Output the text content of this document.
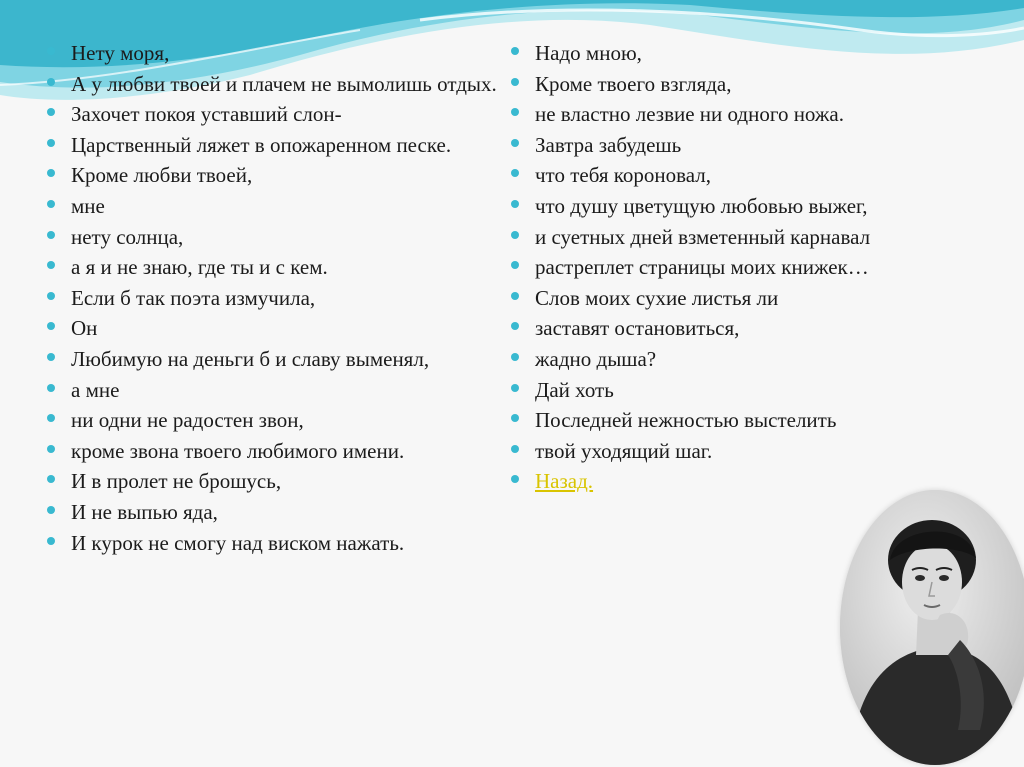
Нету моря,
А у любви твоей и плачем не вымолишь отдых.
Захочет покоя уставший слон-
Царственный ляжет в опожаренном песке.
Кроме любви твоей,
мне
нету солнца,
а я и не знаю, где ты и с кем.
Если б так поэта измучила,
Он
Любимую на деньги б и славу выменял,
а мне
ни одни не радостен звон,
кроме звона твоего любимого имени.
И в пролет не брошусь,
И не выпью яда,
И курок не смогу над виском нажать.
Надо мною,
Кроме твоего взгляда,
не властно лезвие ни одного ножа.
Завтра забудешь
что тебя короновал,
что душу цветущую любовью выжег,
и суетных дней взметенный карнавал
растреплет страницы моих книжек…
Слов моих сухие листья ли
заставят остановиться,
жадно дыша?
Дай хоть
Последней нежностью выстелить
твой уходящий шаг.
Назад.
